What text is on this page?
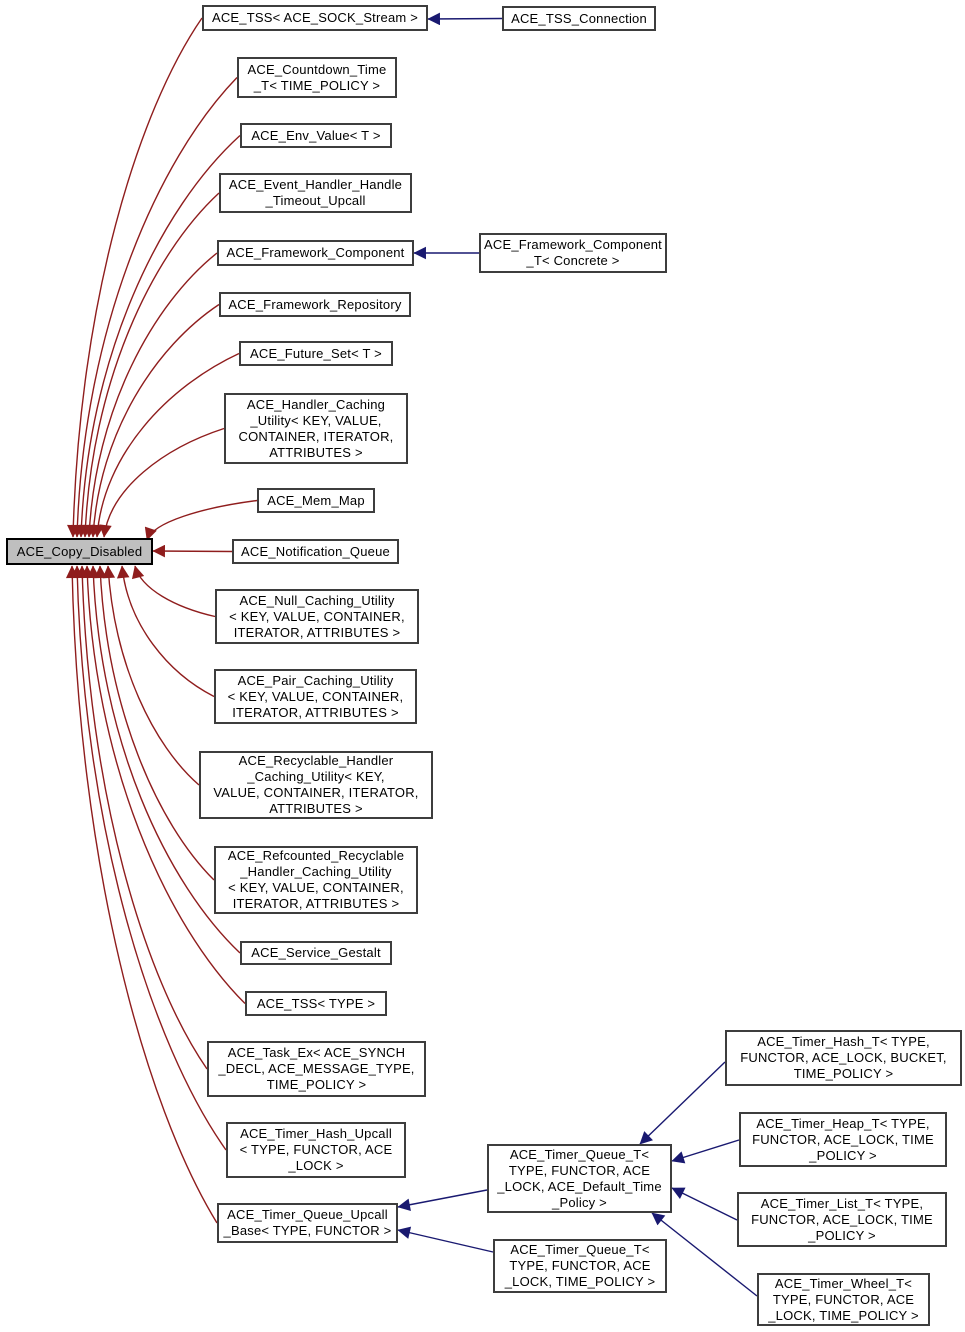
ACE_Copy_Disabled
ACE_TSS< ACE_SOCK_Stream >	ACE_TSS_Connection
ACE_Countdown_Time
_T< TIME_POLICY >
ACE_Env_Value< T >
ACE_Event_Handler_Handle
_Timeout_Upcall
ACE_Framework_Component
ACE_Framework_Component
_T< Concrete >
ACE_Framework_Repository
ACE_Future_Set< T >
ACE_Handler_Caching
_Utility< KEY, VALUE,
CONTAINER, ITERATOR,
ATTRIBUTES >
ACE_Mem_Map
ACE_Notification_Queue
ACE_Null_Caching_Utility
< KEY, VALUE, CONTAINER,
ITERATOR, ATTRIBUTES >
ACE_Pair_Caching_Utility
< KEY, VALUE, CONTAINER,
ITERATOR, ATTRIBUTES >
ACE_Recyclable_Handler
_Caching_Utility< KEY,
VALUE, CONTAINER, ITERATOR,
ATTRIBUTES >
ACE_Refcounted_Recyclable
_Handler_Caching_Utility
< KEY, VALUE, CONTAINER,
ITERATOR, ATTRIBUTES >
ACE_Service_Gestalt
ACE_TSS< TYPE >
ACE_Task_Ex< ACE_SYNCH
_DECL, ACE_MESSAGE_TYPE,
TIME_POLICY >
ACE_Timer_Hash_Upcall
< TYPE, FUNCTOR, ACE
_LOCK >
ACE_Timer_Queue_Upcall
_Base< TYPE, FUNCTOR >
ACE_Timer_Queue_T<
TYPE, FUNCTOR, ACE
_LOCK, ACE_Default_Time
_Policy >
ACE_Timer_Queue_T<
TYPE, FUNCTOR, ACE
_LOCK, TIME_POLICY >
ACE_Timer_Hash_T< TYPE,
FUNCTOR, ACE_LOCK, BUCKET,
TIME_POLICY >
ACE_Timer_Heap_T< TYPE,
FUNCTOR, ACE_LOCK, TIME
_POLICY >
ACE_Timer_List_T< TYPE,
FUNCTOR, ACE_LOCK, TIME
_POLICY >
ACE_Timer_Wheel_T<
TYPE, FUNCTOR, ACE
_LOCK, TIME_POLICY >
